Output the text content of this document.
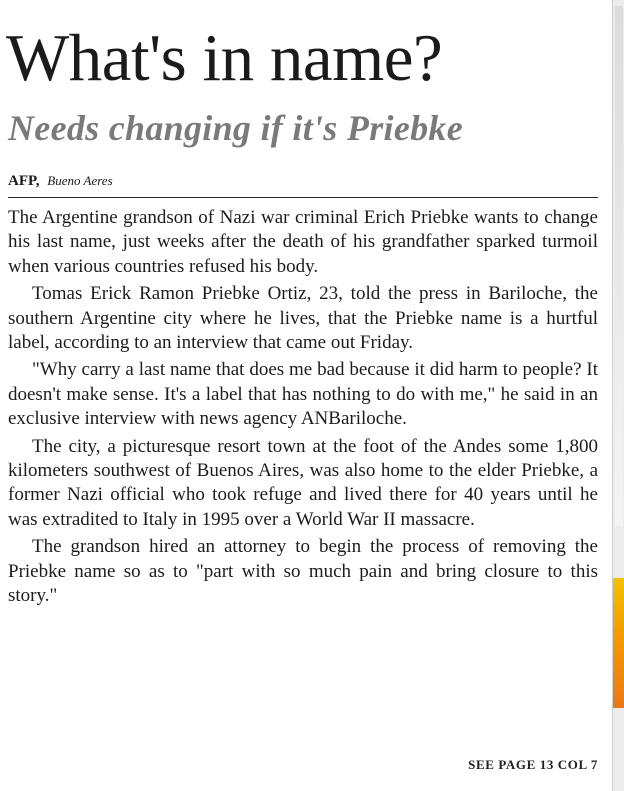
What's in name?
Needs changing if it's Priebke
AFP, Bueno Aeres

The Argentine grandson of Nazi war criminal Erich Priebke wants to change his last name, just weeks after the death of his grandfather sparked turmoil when various countries refused his body.

Tomas Erick Ramon Priebke Ortiz, 23, told the press in Bariloche, the southern Argentine city where he lives, that the Priebke name is a hurtful label, according to an interview that came out Friday.

"Why carry a last name that does me bad because it did harm to people? It doesn't make sense. It's a label that has nothing to do with me," he said in an exclusive interview with news agency ANBariloche.

The city, a picturesque resort town at the foot of the Andes some 1,800 kilometers southwest of Buenos Aires, was also home to the elder Priebke, a former Nazi official who took refuge and lived there for 40 years until he was extradited to Italy in 1995 over a World War II massacre.

The grandson hired an attorney to begin the process of removing the Priebke name so as to "part with so much pain and bring closure to this story."

SEE PAGE 13 COL 7
